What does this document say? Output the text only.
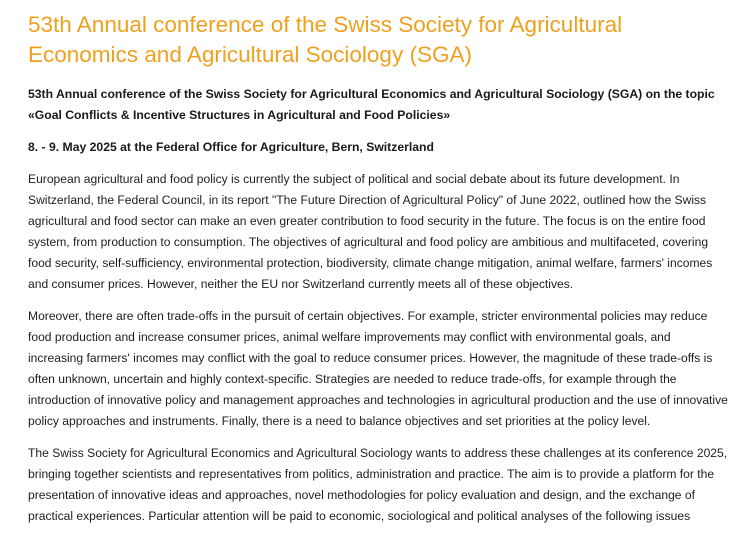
53th Annual conference of the Swiss Society for Agricultural Economics and Agricultural Sociology (SGA)

53th Annual conference of the Swiss Society for Agricultural Economics and Agricultural Sociology (SGA) on the topic «Goal Conflicts & Incentive Structures in Agricultural and Food Policies»

8. - 9. May 2025 at the Federal Office for Agriculture, Bern, Switzerland

European agricultural and food policy is currently the subject of political and social debate about its future development. In Switzerland, the Federal Council, in its report "The Future Direction of Agricultural Policy" of June 2022, outlined how the Swiss agricultural and food sector can make an even greater contribution to food security in the future. The focus is on the entire food system, from production to consumption. The objectives of agricultural and food policy are ambitious and multifaceted, covering food security, self-sufficiency, environmental protection, biodiversity, climate change mitigation, animal welfare, farmers' incomes and consumer prices. However, neither the EU nor Switzerland currently meets all of these objectives.

Moreover, there are often trade-offs in the pursuit of certain objectives. For example, stricter environmental policies may reduce food production and increase consumer prices, animal welfare improvements may conflict with environmental goals, and increasing farmers' incomes may conflict with the goal to reduce consumer prices. However, the magnitude of these trade-offs is often unknown, uncertain and highly context-specific. Strategies are needed to reduce trade-offs, for example through the introduction of innovative policy and management approaches and technologies in agricultural production and the use of innovative policy approaches and instruments. Finally, there is a need to balance objectives and set priorities at the policy level.

The Swiss Society for Agricultural Economics and Agricultural Sociology wants to address these challenges at its conference 2025, bringing together scientists and representatives from politics, administration and practice. The aim is to provide a platform for the presentation of innovative ideas and approaches, novel methodologies for policy evaluation and design, and the exchange of practical experiences. Particular attention will be paid to economic, sociological and political analyses of the following issues
